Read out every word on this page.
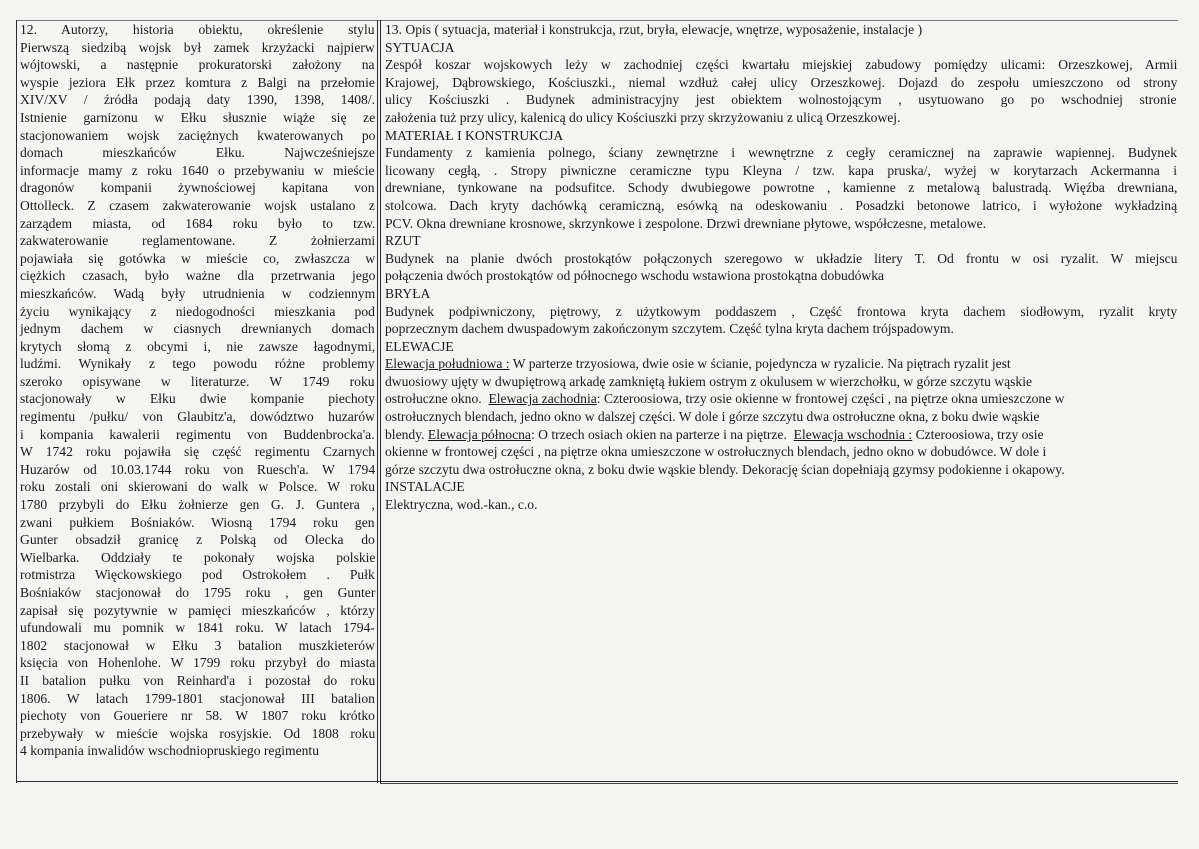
12. Autorzy, historia obiektu, określenie stylu
Pierwszą siedzibą wojsk był zamek krzyżacki najpierw
wójtowski, a następnie prokuratorski założony na
wyspie jeziora Ełk przez komtura z Balgi na przełomie
XIV/XV / źródła podają daty 1390, 1398, 1408/.
Istnienie garnizonu w Ełku słusznie wiąże się ze
stacjonowaniem wojsk zaciężnych kwaterowanych po
domach mieszkańców Ełku. Najwcześniejsze
informacje mamy z roku 1640 o przebywaniu w mieście
dragonów kompanii żywnościowej kapitana von
Ottolleck. Z czasem zakwaterowanie wojsk ustalano z
zarządem miasta, od 1684 roku było to tzw.
zakwaterowanie reglamentowane. Z żołnierzami
pojawiała się gotówka w mieście co, zwłaszcza w
ciężkich czasach, było ważne dla przetrwania jego
mieszkańców. Wadą były utrudnienia w codziennym
życiu wynikający z niedogodności mieszkania pod
jednym dachem w ciasnych drewnianych domach
krytych słomą z obcymi i, nie zawsze łagodnymi,
ludźmi. Wynikały z tego powodu różne problemy
szeroko opisywane w literaturze. W 1749 roku
stacjonowały w Ełku dwie kompanie piechoty
regimentu /pułku/ von Glaubitz'a, dowództwo huzarów
i kompania kawalerii regimentu von Buddenbrocka'a.
W 1742 roku pojawiła się część regimentu Czarnych
Huzarów od 10.03.1744 roku von Ruesch'a. W 1794
roku zostali oni skierowani do walk w Polsce. W roku
1780 przybyli do Ełku żołnierze gen G. J. Guntera ,
zwani pułkiem Bośniaków. Wiosną 1794 roku gen
Gunter obsadził granicę z Polską od Olecka do
Wielbarka. Oddziały te pokonały wojska polskie
rotmistrza Więckowskiego pod Ostrokołem . Pułk
Bośniaków stacjonował do 1795 roku , gen Gunter
zapisał się pozytywnie w pamięci mieszkańców , którzy
ufundowali mu pomnik w 1841 roku. W latach 1794-
1802 stacjonował w Ełku 3 batalion muszkieterów
księcia von Hohenlohe. W 1799 roku przybył do miasta
II batalion pułku von Reinhard'a i pozostał do roku
1806. W latach 1799-1801 stacjonował III batalion
piechoty von Goueriere nr 58. W 1807 roku krótko
przebywały w mieście wojska rosyjskie. Od 1808 roku
4 kompania inwalidów wschodniopruskiego regimentu
13. Opis ( sytuacja, materiał i konstrukcja, rzut, bryła, elewacje, wnętrze, wyposażenie, instalacje )
SYTUACJA
Zespół koszar wojskowych leży w zachodniej części kwartału miejskiej zabudowy pomiędzy ulicami: Orzeszkowej, Armii
Krajowej, Dąbrowskiego, Kościuszki., niemal wzdłuż całej ulicy Orzeszkowej. Dojazd do zespołu umieszczono od strony
ulicy Kościuszki . Budynek administracyjny jest obiektem wolnostojącym , usytuowano go po wschodniej stronie
założenia tuż przy ulicy, kalenicą do ulicy Kościuszki przy skrzyżowaniu z ulicą Orzeszkowej.
MATERIAŁ I KONSTRUKCJA
Fundamenty z kamienia polnego, ściany zewnętrzne i wewnętrzne z cegły ceramicznej na zaprawie wapiennej. Budynek
licowany cegłą, . Stropy piwniczne ceramiczne typu Kleyna / tzw. kapa pruska/, wyżej w korytarzach Ackermanna i
drewniane, tynkowane na podsufitce. Schody dwubiegowe powrotne , kamienne z metalową balustradą. Więźba drewniana,
stolcowa. Dach kryty dachówką ceramiczną, esówką na odeskowaniu . Posadzki betonowe latrico, i wyłożone wykładziną
PCV. Okna drewniane krosnowe, skrzynkowe i zespolone. Drzwi drewniane płytowe, współczesne, metalowe.
RZUT
Budynek na planie dwóch prostokątów połączonych szeregowo w układzie litery T. Od frontu w osi ryzalit. W miejscu
połączenia dwóch prostokątów od północnego wschodu wstawiona prostokątna dobudówka
BRYŁA
Budynek podpiwniczony, piętrowy, z użytkowym poddaszem , Część frontowa kryta dachem siodłowym, ryzalit kryty
poprzecznym dachem dwuspadowym zakończonym szczytem. Część tylna kryta dachem trójspadowym.
ELEWACJE
Elewacja południowa : W parterze trzyosiowa, dwie osie w ścianie, pojedyncza w ryzalicie. Na piętrach ryzalit jest
dwuosiowy ujęty w dwupiętrową arkadę zamkniętą łukiem ostrym z okulusem w wierzchołku, w górze szczytu wąskie
ostrołuczne okno.
Elewacja zachodnia : Czteroosiowa, trzy osie okienne w frontowej części , na piętrze okna umieszczone w
ostrołucznych blendach, jedno okno w dalszej części. W dole i górze szczytu dwa ostrołuczne okna, z boku dwie wąskie
blendy.
Elewacja północna : O trzech osiach okien na parterze i na piętrze.
Elewacja wschodnia : Czteroosiowa, trzy osie
okienne w frontowej części , na piętrze okna umieszczone w ostrołucznych blendach, jedno okno w dobudówce. W dole i
górze szczytu dwa ostrołuczne okna, z boku dwie wąskie blendy. Dekorację ścian dopełniają gzymsy podokienne i okapowy.
INSTALACJE
Elektryczna, wod.-kan., c.o.
